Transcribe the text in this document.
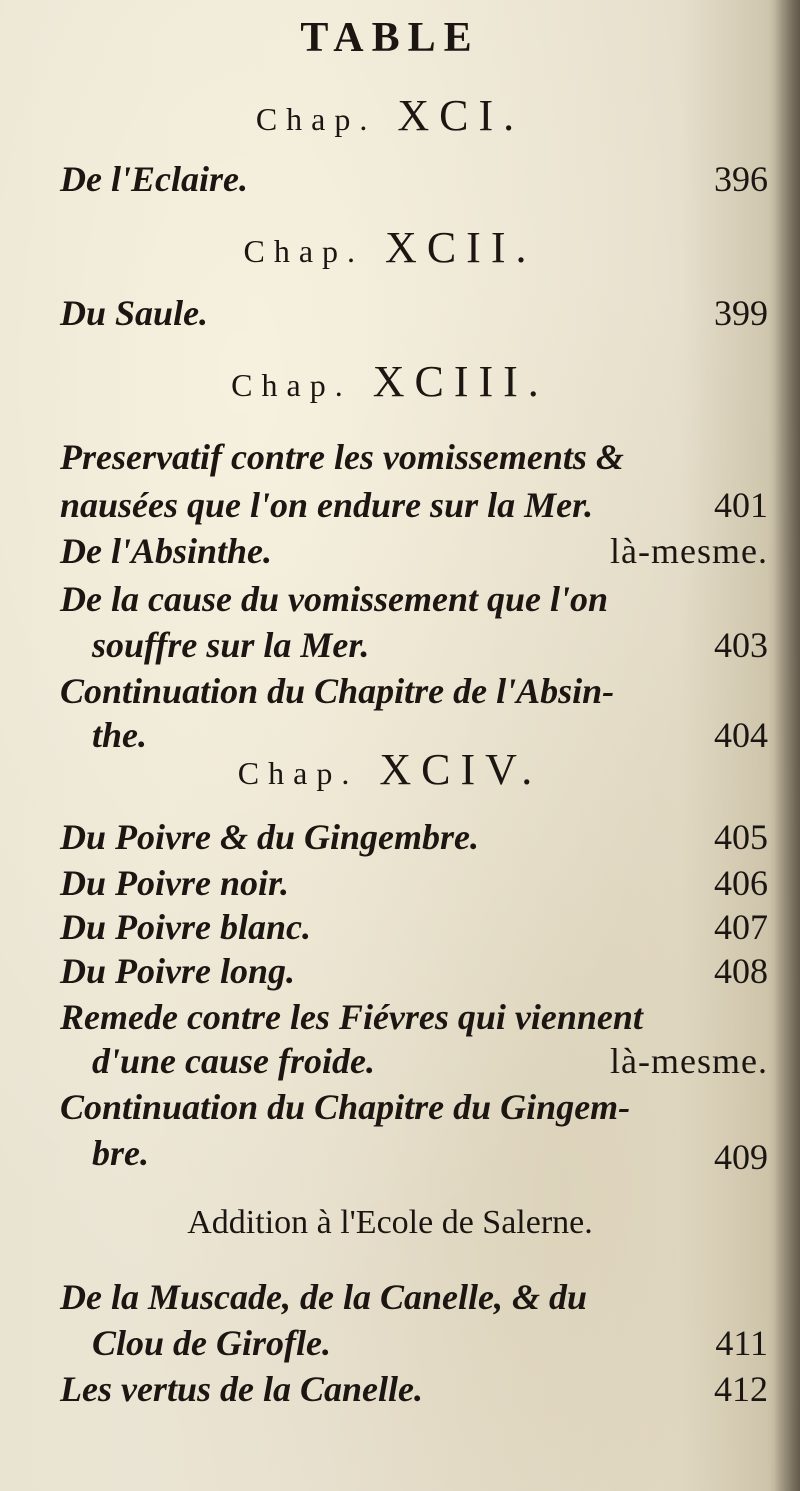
TABLE
Chap. XCI.
De l'Eclaire.	396
Chap. XCII.
Du Saule.	399
Chap. XCIII.
Preservatif contre les vomissements &
nausées que l'on endure sur la Mer.	401
De l'Absinthe.	là-mesme.
De la cause du vomissement que l'on
souffre sur la Mer.	403
Continuation du Chapitre de l'Absin-
the.	404
Chap. XCIV.
Du Poivre & du Gingembre.	405
Du Poivre noir.	406
Du Poivre blanc.	407
Du Poivre long.	408
Remede contre les Fiévres qui viennent
d'une cause froide.	là-mesme.
Continuation du Chapitre du Gingem-
bre.	409
Addition à l'Ecole de Salerne.
De la Muscade, de la Canelle, & du
Clou de Girofle.	411
Les vertus de la Canelle.	412
